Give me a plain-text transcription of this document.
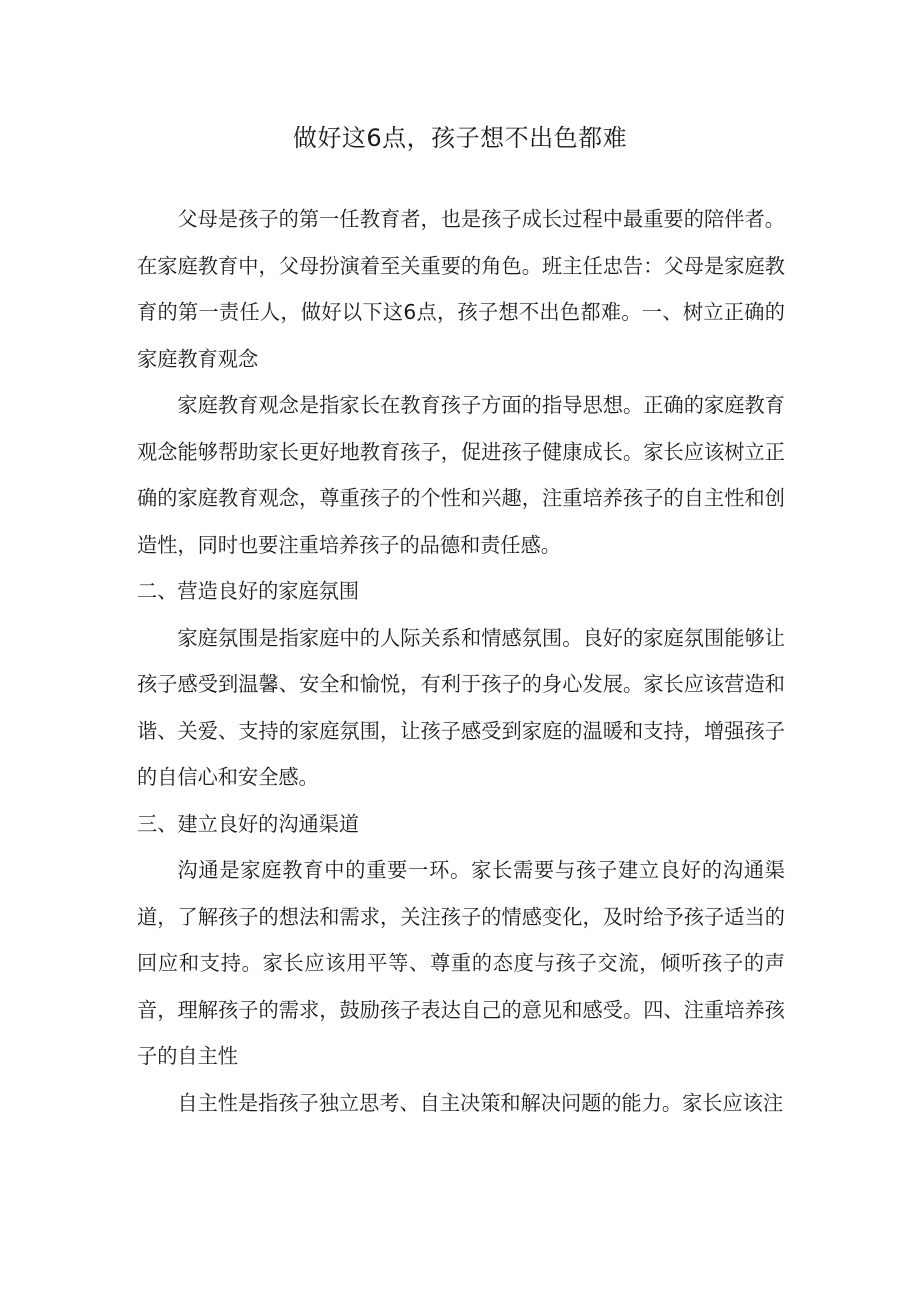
做好这6点，孩子想不出色都难

父母是孩子的第一任教育者，也是孩子成长过程中最重要的陪伴者。在家庭教育中，父母扮演着至关重要的角色。班主任忠告：父母是家庭教育的第一责任人，做好以下这6点，孩子想不出色都难。一、树立正确的家庭教育观念

家庭教育观念是指家长在教育孩子方面的指导思想。正确的家庭教育观念能够帮助家长更好地教育孩子，促进孩子健康成长。家长应该树立正确的家庭教育观念，尊重孩子的个性和兴趣，注重培养孩子的自主性和创造性，同时也要注重培养孩子的品德和责任感。

二、营造良好的家庭氛围

家庭氛围是指家庭中的人际关系和情感氛围。良好的家庭氛围能够让孩子感受到温馨、安全和愉悦，有利于孩子的身心发展。家长应该营造和谐、关爱、支持的家庭氛围，让孩子感受到家庭的温暖和支持，增强孩子的自信心和安全感。

三、建立良好的沟通渠道

沟通是家庭教育中的重要一环。家长需要与孩子建立良好的沟通渠道，了解孩子的想法和需求，关注孩子的情感变化，及时给予孩子适当的回应和支持。家长应该用平等、尊重的态度与孩子交流，倾听孩子的声音，理解孩子的需求，鼓励孩子表达自己的意见和感受。四、注重培养孩子的自主性

自主性是指孩子独立思考、自主决策和解决问题的能力。家长应该注
